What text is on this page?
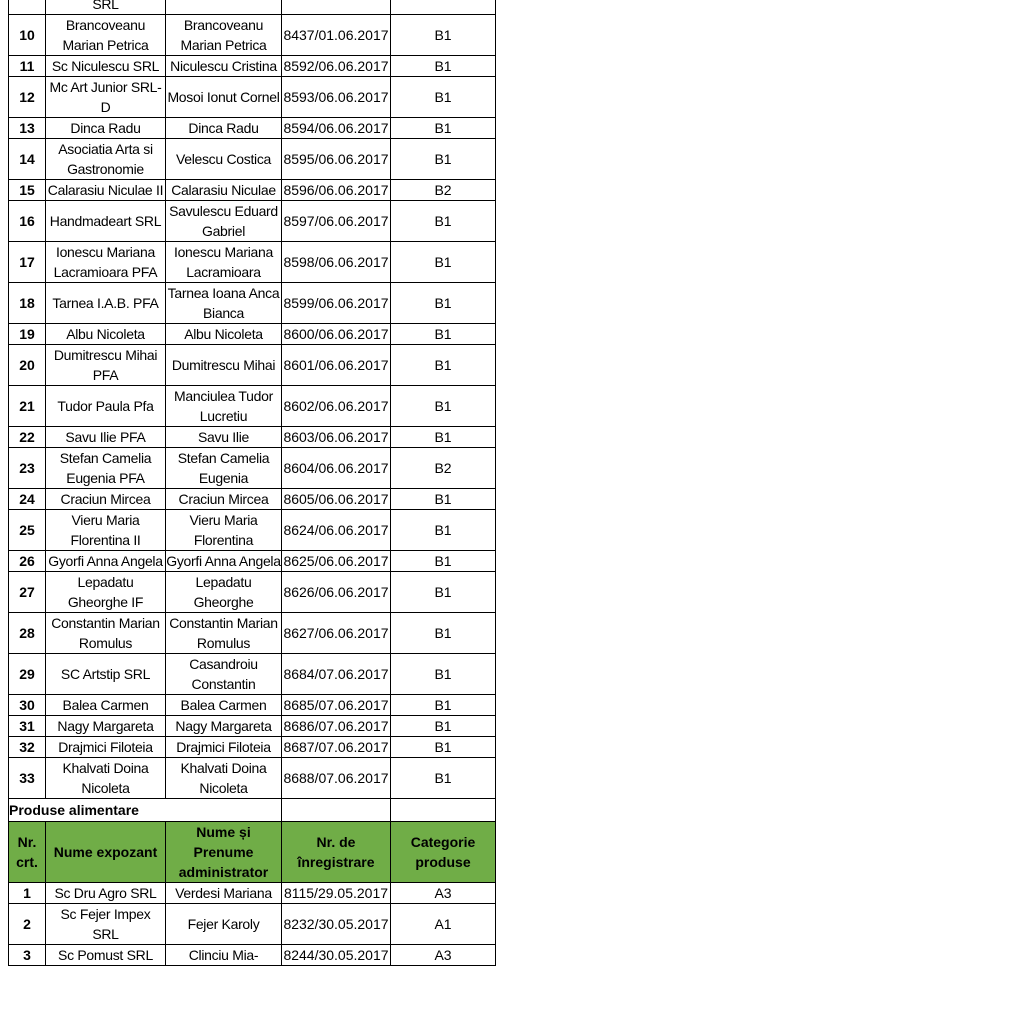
	SRL			
10	Brancoveanu Marian Petrica	Brancoveanu Marian Petrica	8437/01.06.2017	B1
11	Sc Niculescu SRL	Niculescu Cristina	8592/06.06.2017	B1
12	Mc Art Junior SRL-D	Mosoi Ionut Cornel	8593/06.06.2017	B1
13	Dinca Radu	Dinca Radu	8594/06.06.2017	B1
14	Asociatia Arta si Gastronomie	Velescu Costica	8595/06.06.2017	B1
15	Calarasiu Niculae II	Calarasiu Niculae	8596/06.06.2017	B2
16	Handmadeart SRL	Savulescu Eduard Gabriel	8597/06.06.2017	B1
17	Ionescu Mariana Lacramioara PFA	Ionescu Mariana Lacramioara	8598/06.06.2017	B1
18	Tarnea I.A.B. PFA	Tarnea Ioana Anca Bianca	8599/06.06.2017	B1
19	Albu Nicoleta	Albu Nicoleta	8600/06.06.2017	B1
20	Dumitrescu Mihai PFA	Dumitrescu Mihai	8601/06.06.2017	B1
21	Tudor Paula Pfa	Manciulea Tudor Lucretiu	8602/06.06.2017	B1
22	Savu Ilie PFA	Savu Ilie	8603/06.06.2017	B1
23	Stefan Camelia Eugenia PFA	Stefan Camelia Eugenia	8604/06.06.2017	B2
24	Craciun Mircea	Craciun Mircea	8605/06.06.2017	B1
25	Vieru Maria Florentina II	Vieru Maria Florentina	8624/06.06.2017	B1
26	Gyorfi Anna Angela	Gyorfi Anna Angela	8625/06.06.2017	B1
27	Lepadatu Gheorghe IF	Lepadatu Gheorghe	8626/06.06.2017	B1
28	Constantin Marian Romulus	Constantin Marian Romulus	8627/06.06.2017	B1
29	SC Artstip SRL	Casandroiu Constantin	8684/07.06.2017	B1
30	Balea Carmen	Balea Carmen	8685/07.06.2017	B1
31	Nagy Margareta	Nagy Margareta	8686/07.06.2017	B1
32	Drajmici Filoteia	Drajmici Filoteia	8687/07.06.2017	B1
33	Khalvati Doina Nicoleta	Khalvati Doina Nicoleta	8688/07.06.2017	B1
Produse alimentare				
Nr. crt.	Nume expozant	Nume și Prenume administrator	Nr. de înregistrare	Categorie produse
1	Sc Dru Agro SRL	Verdesi Mariana	8115/29.05.2017	A3
2	Sc Fejer Impex SRL	Fejer Karoly	8232/30.05.2017	A1
3	Sc Pomust SRL	Clinciu Mia-	8244/30.05.2017	A3
